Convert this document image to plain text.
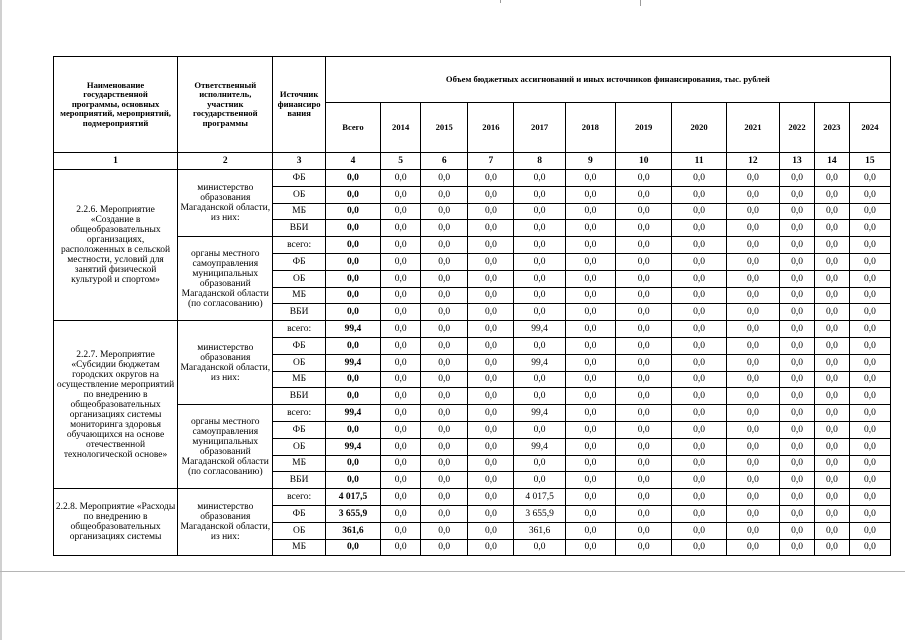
Наименование государственной программы, основных мероприятий, мероприятий, подмероприятий	Ответственный исполнитель, участник государственной программы	Источник финансирования	Объем бюджетных ассигнований и иных источников финансирования, тыс. рублей											
			Всего	2014	2015	2016	2017	2018	2019	2020	2021	2022	2023	2024
1	2	3	4	5	6	7	8	9	10	11	12	13	14	15
2.2.6. Мероприятие «Создание в общеобразовательных организациях, расположенных в сельской местности, условий для занятий физической культурой и спортом»	министерство образования Магаданской области, из них:	ФБ	0,0	0,0	0,0	0,0	0,0	0,0	0,0	0,0	0,0	0,0	0,0	0,0
		ОБ	0,0	0,0	0,0	0,0	0,0	0,0	0,0	0,0	0,0	0,0	0,0	0,0
		МБ	0,0	0,0	0,0	0,0	0,0	0,0	0,0	0,0	0,0	0,0	0,0	0,0
		ВБИ	0,0	0,0	0,0	0,0	0,0	0,0	0,0	0,0	0,0	0,0	0,0	0,0
	органы местного самоуправления муниципальных образований Магаданской области (по согласованию)	всего:	0,0	0,0	0,0	0,0	0,0	0,0	0,0	0,0	0,0	0,0	0,0	0,0
		ФБ	0,0	0,0	0,0	0,0	0,0	0,0	0,0	0,0	0,0	0,0	0,0	0,0
		ОБ	0,0	0,0	0,0	0,0	0,0	0,0	0,0	0,0	0,0	0,0	0,0	0,0
		МБ	0,0	0,0	0,0	0,0	0,0	0,0	0,0	0,0	0,0	0,0	0,0	0,0
		ВБИ	0,0	0,0	0,0	0,0	0,0	0,0	0,0	0,0	0,0	0,0	0,0	0,0
2.2.7. Мероприятие «Субсидии бюджетам городских округов на осуществление мероприятий по внедрению в общеобразовательных организациях системы мониторинга здоровья обучающихся на основе отечественной технологической основе»	министерство образования Магаданской области, из них:	всего:	99,4	0,0	0,0	0,0	99,4	0,0	0,0	0,0	0,0	0,0	0,0	0,0
		ФБ	0,0	0,0	0,0	0,0	0,0	0,0	0,0	0,0	0,0	0,0	0,0	0,0
		ОБ	99,4	0,0	0,0	0,0	99,4	0,0	0,0	0,0	0,0	0,0	0,0	0,0
		МБ	0,0	0,0	0,0	0,0	0,0	0,0	0,0	0,0	0,0	0,0	0,0	0,0
		ВБИ	0,0	0,0	0,0	0,0	0,0	0,0	0,0	0,0	0,0	0,0	0,0	0,0
	органы местного самоуправления муниципальных образований Магаданской области (по согласованию)	всего:	99,4	0,0	0,0	0,0	99,4	0,0	0,0	0,0	0,0	0,0	0,0	0,0
		ФБ	0,0	0,0	0,0	0,0	0,0	0,0	0,0	0,0	0,0	0,0	0,0	0,0
		ОБ	99,4	0,0	0,0	0,0	99,4	0,0	0,0	0,0	0,0	0,0	0,0	0,0
		МБ	0,0	0,0	0,0	0,0	0,0	0,0	0,0	0,0	0,0	0,0	0,0	0,0
		ВБИ	0,0	0,0	0,0	0,0	0,0	0,0	0,0	0,0	0,0	0,0	0,0	0,0
2.2.8. Мероприятие «Расходы по внедрению в общеобразовательных организациях системы	министерство образования Магаданской области, из них:	всего:	4 017,5	0,0	0,0	0,0	4 017,5	0,0	0,0	0,0	0,0	0,0	0,0	0,0
		ФБ	3 655,9	0,0	0,0	0,0	3 655,9	0,0	0,0	0,0	0,0	0,0	0,0	0,0
		ОБ	361,6	0,0	0,0	0,0	361,6	0,0	0,0	0,0	0,0	0,0	0,0	0,0
		МБ	0,0	0,0	0,0	0,0	0,0	0,0	0,0	0,0	0,0	0,0	0,0	0,0
